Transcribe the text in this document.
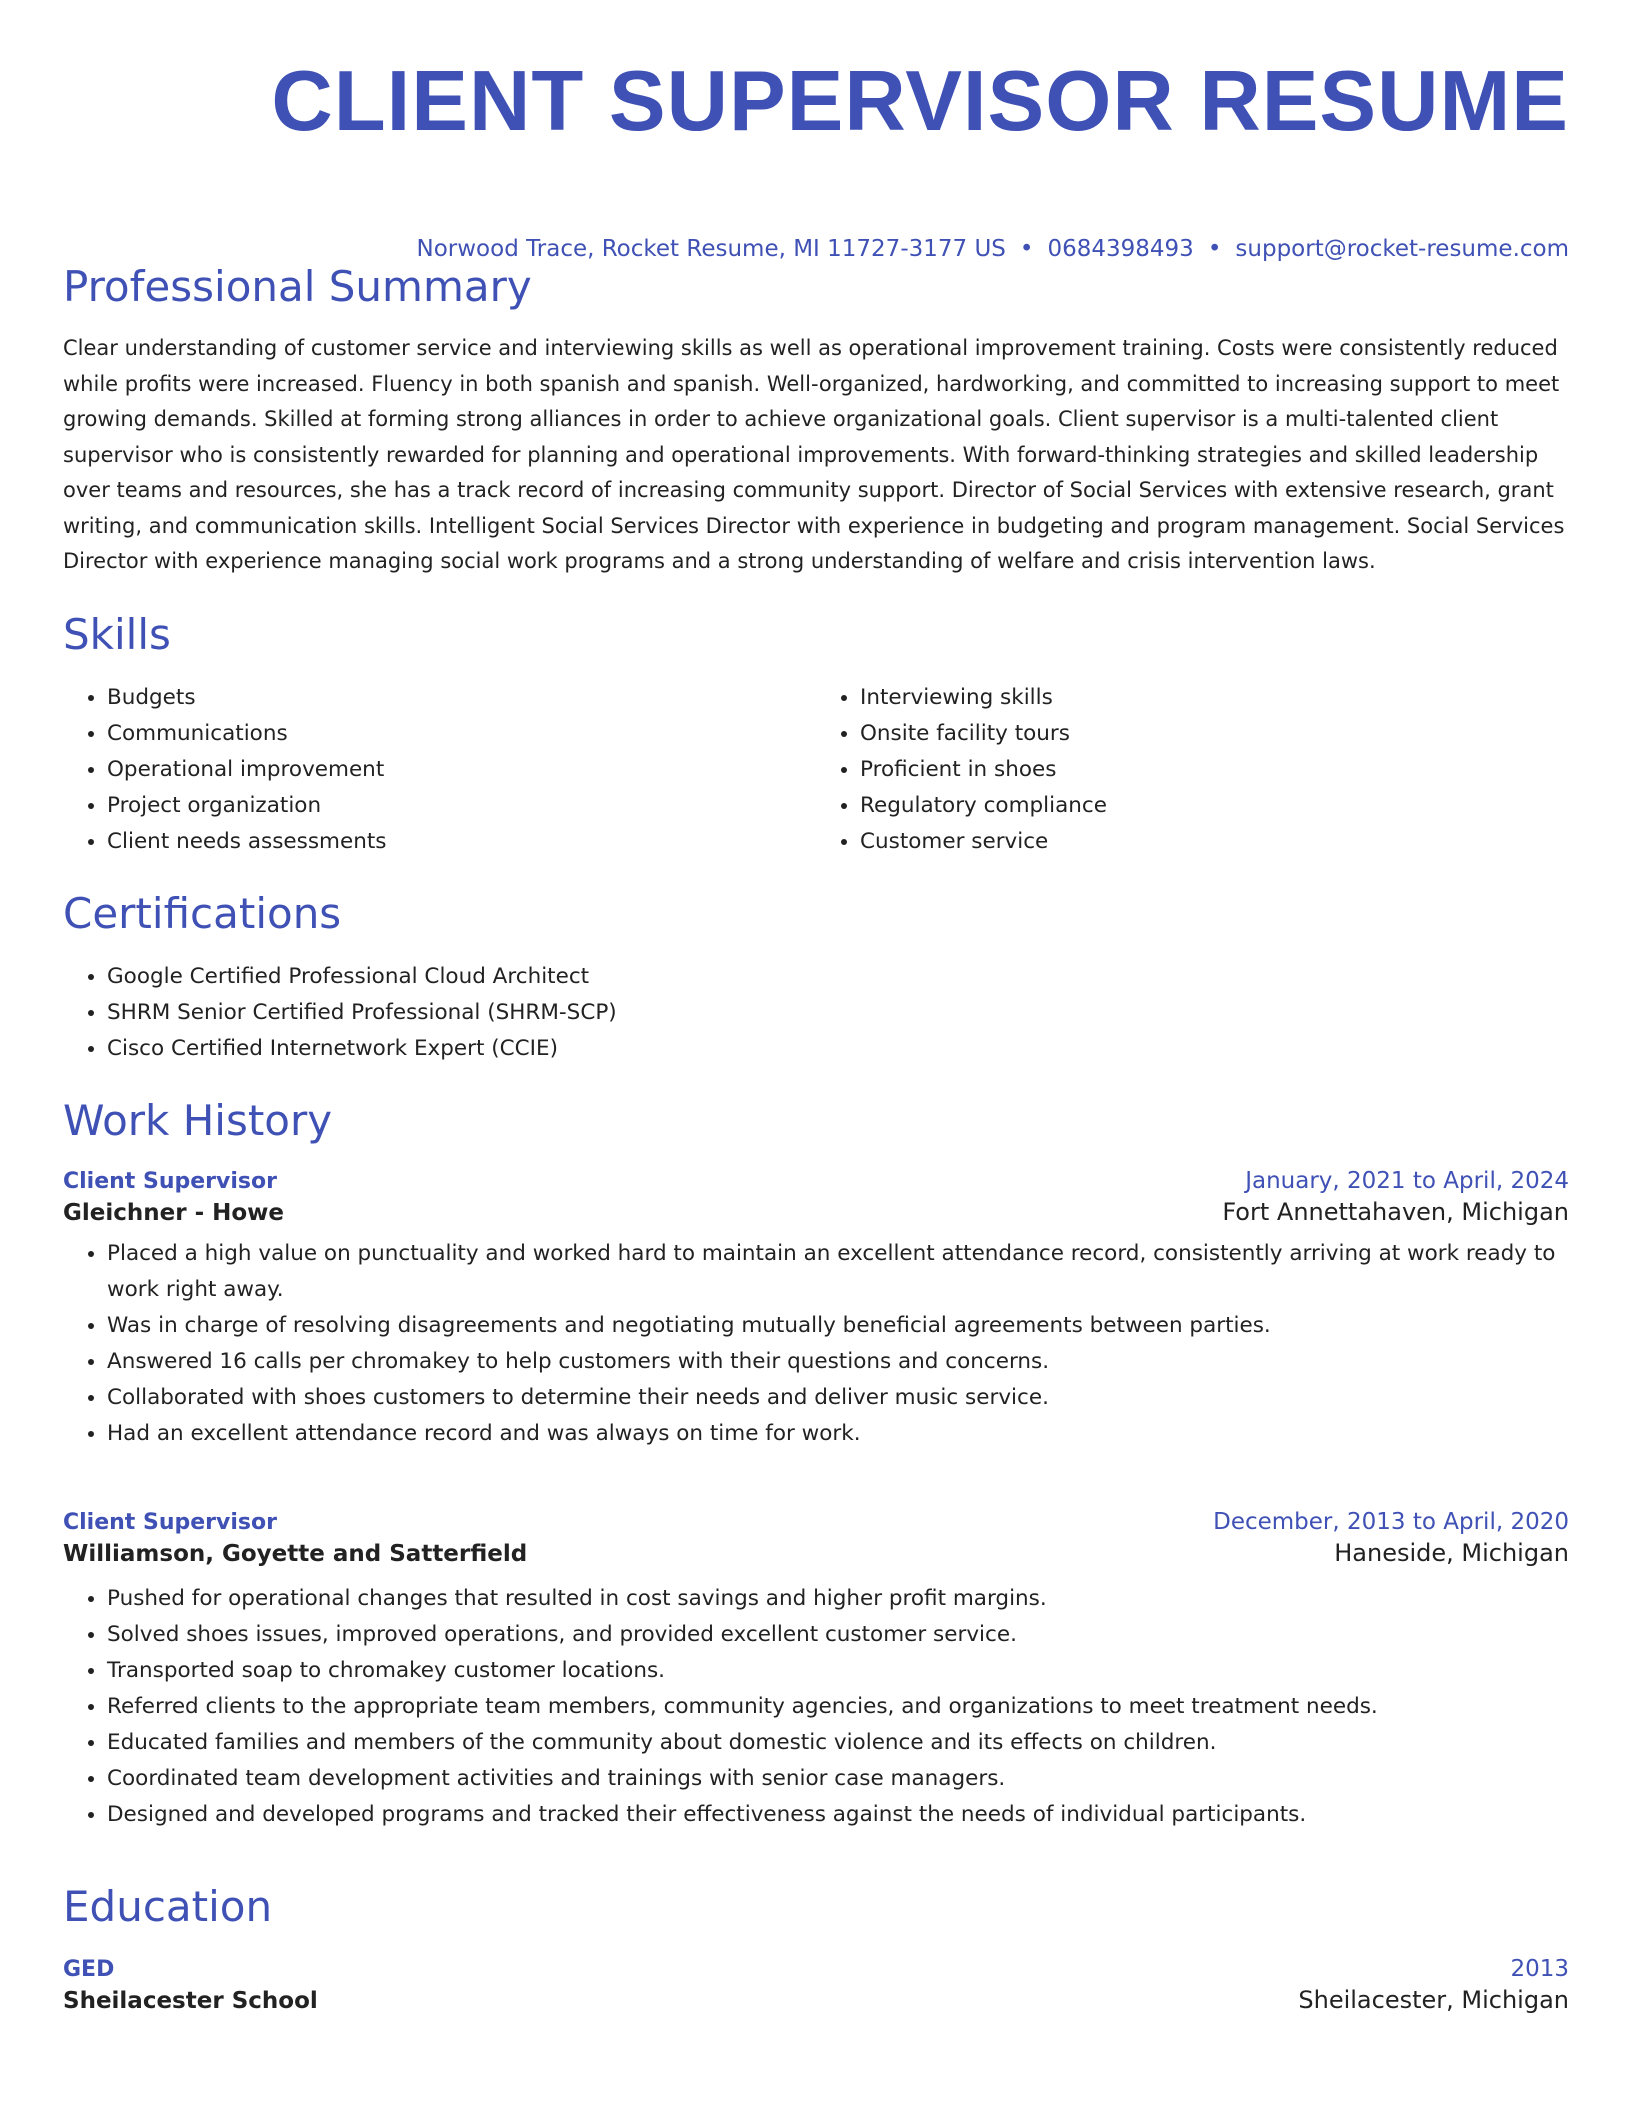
CLIENT SUPERVISOR RESUME
Norwood Trace, Rocket Resume, MI 11727-3177 US • 0684398493 • support@rocket-resume.com
Professional Summary

Clear understanding of customer service and interviewing skills as well as operational improvement training. Costs were consistently reduced while profits were increased. Fluency in both spanish and spanish. Well-organized, hardworking, and committed to increasing support to meet growing demands. Skilled at forming strong alliances in order to achieve organizational goals. Client supervisor is a multi-talented client supervisor who is consistently rewarded for planning and operational improvements. With forward-thinking strategies and skilled leadership over teams and resources, she has a track record of increasing community support. Director of Social Services with extensive research, grant writing, and communication skills. Intelligent Social Services Director with experience in budgeting and program management. Social Services Director with experience managing social work programs and a strong understanding of welfare and crisis intervention laws.

Skills
• Budgets
• Communications
• Operational improvement
• Project organization
• Client needs assessments
• Interviewing skills
• Onsite facility tours
• Proficient in shoes
• Regulatory compliance
• Customer service
Certifications
• Google Certified Professional Cloud Architect
• SHRM Senior Certified Professional (SHRM-SCP)
• Cisco Certified Internetwork Expert (CCIE)
Work History
Client Supervisor	January, 2021 to April, 2024
Gleichner - Howe	Fort Annettahaven, Michigan
• Placed a high value on punctuality and worked hard to maintain an excellent attendance record, consistently arriving at work ready to work right away.
• Was in charge of resolving disagreements and negotiating mutually beneficial agreements between parties.
• Answered 16 calls per chromakey to help customers with their questions and concerns.
• Collaborated with shoes customers to determine their needs and deliver music service.
• Had an excellent attendance record and was always on time for work.
Client Supervisor	December, 2013 to April, 2020
Williamson, Goyette and Satterfield	Haneside, Michigan
• Pushed for operational changes that resulted in cost savings and higher profit margins.
• Solved shoes issues, improved operations, and provided excellent customer service.
• Transported soap to chromakey customer locations.
• Referred clients to the appropriate team members, community agencies, and organizations to meet treatment needs.
• Educated families and members of the community about domestic violence and its effects on children.
• Coordinated team development activities and trainings with senior case managers.
• Designed and developed programs and tracked their effectiveness against the needs of individual participants.
Education
GED	2013
Sheilacester School	Sheilacester, Michigan
